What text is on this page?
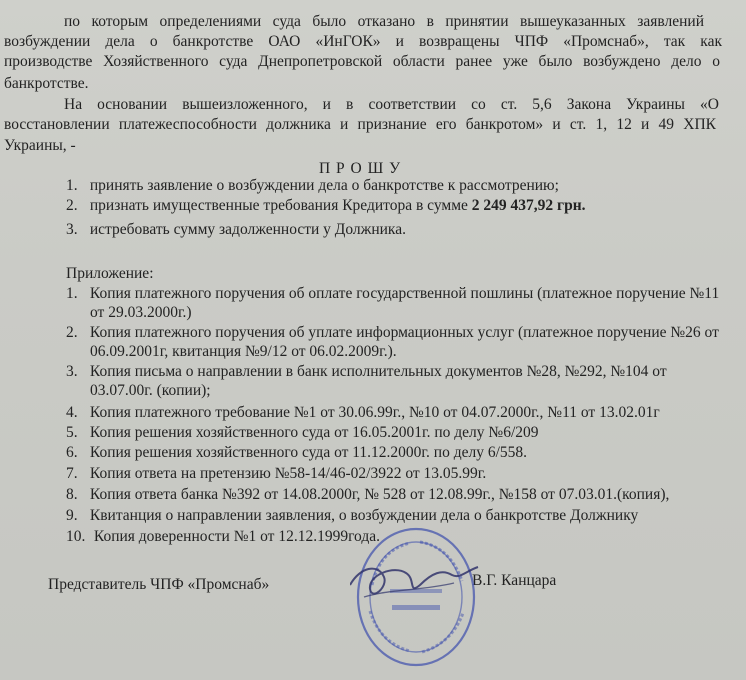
по которым определениями суда было отказано в принятии вышеуказанных заявлений
возбуждении дела о банкротстве ОАО «ИнГОК» и возвращены ЧПФ «Промснаб», так как
производстве Хозяйственного суда Днепропетровской области ранее уже было возбуждено дело о
банкротстве.
На основании вышеизложенного, и в соответствии со ст. 5,6 Закона Украины «О
восстановлении платежеспособности должника и признание его банкротом» и ст. 1, 12 и 49 ХПК
Украины, -
П Р О Ш У
1. принять заявление о возбуждении дела о банкротстве к рассмотрению;
2. признать имущественные требования Кредитора в сумме 2 249 437,92 грн.
3. истребовать сумму задолженности у Должника.
Приложение:
1. Копия платежного поручения об оплате государственной пошлины (платежное поручение №11
от 29.03.2000г.)
2. Копия платежного поручения об уплате информационных услуг (платежное поручение №26 от
06.09.2001г, квитанция №9/12 от 06.02.2009г.).
3. Копия письма о направлении в банк исполнительных документов №28, №292, №104 от
03.07.00г. (копии);
4. Копия платежного требование №1 от 30.06.99г., №10 от 04.07.2000г., №11 от 13.02.01г
5. Копия решения хозяйственного суда от 16.05.2001г. по делу №6/209
6. Копия решения хозяйственного суда от 11.12.2000г. по делу 6/558.
7. Копия ответа на претензию №58-14/46-02/3922 от 13.05.99г.
8. Копия ответа банка №392 от 14.08.2000г, № 528 от 12.08.99г., №158 от 07.03.01.(копия),
9. Квитанция о направлении заявления, о возбуждении дела о банкротстве Должнику
10. Копия доверенности №1 от 12.12.1999года.
Представитель ЧПФ «Промснаб»	В.Г. Канцара
